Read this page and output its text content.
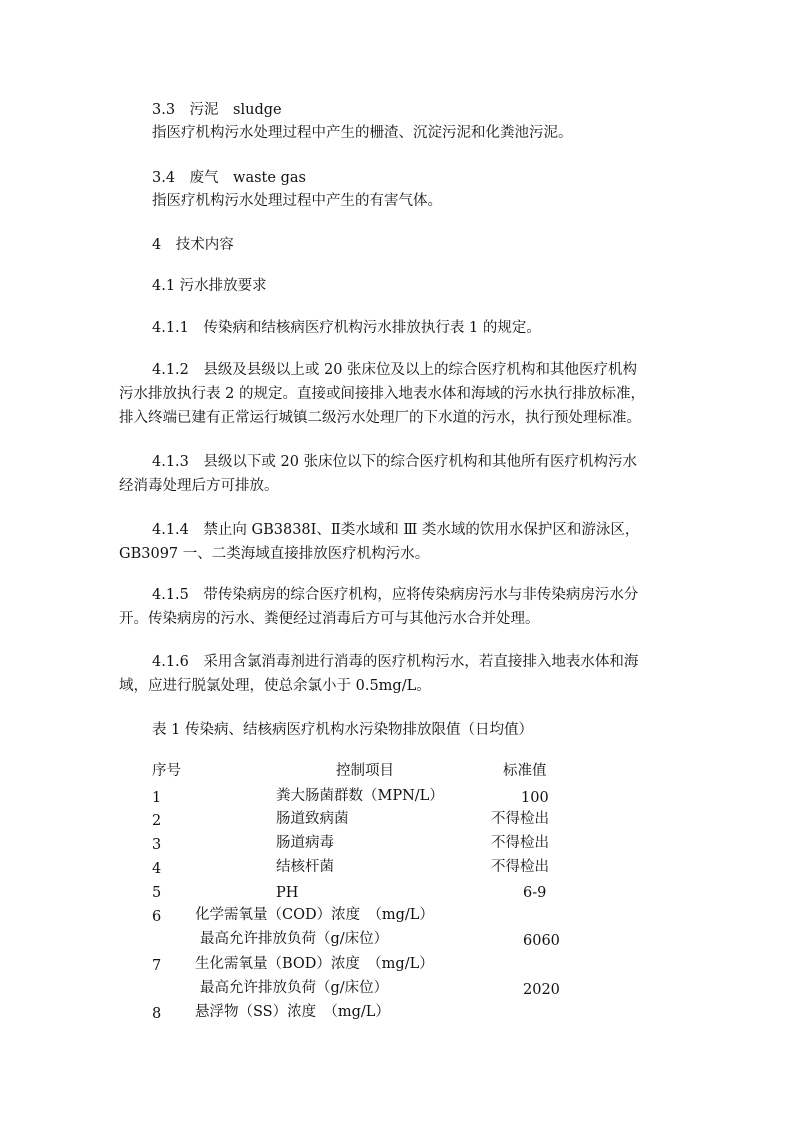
3.3　污泥　sludge
指医疗机构污水处理过程中产生的栅渣、沉淀污泥和化粪池污泥。
3.4　废气　waste gas
指医疗机构污水处理过程中产生的有害气体。
4　技术内容
4.1 污水排放要求
4.1.1　传染病和结核病医疗机构污水排放执行表 1 的规定。
4.1.2　县级及县级以上或 20 张床位及以上的综合医疗机构和其他医疗机构
污水排放执行表 2 的规定。直接或间接排入地表水体和海域的污水执行排放标准，
排入终端已建有正常运行城镇二级污水处理厂的下水道的污水，执行预处理标准。
4.1.3　县级以下或 20 张床位以下的综合医疗机构和其他所有医疗机构污水
经消毒处理后方可排放。
4.1.4　禁止向 GB3838Ⅰ、Ⅱ类水域和 Ⅲ 类水域的饮用水保护区和游泳区，
GB3097 一、二类海域直接排放医疗机构污水。
4.1.5　带传染病房的综合医疗机构，应将传染病房污水与非传染病房污水分
开。传染病房的污水、粪便经过消毒后方可与其他污水合并处理。
4.1.6　采用含氯消毒剂进行消毒的医疗机构污水，若直接排入地表水体和海
域，应进行脱氯处理，使总余氯小于 0.5mg/L。
表 1 传染病、结核病医疗机构水污染物排放限值（日均值）
序号	控制项目	标准值
1	粪大肠菌群数（MPN/L）	100
2	肠道致病菌	不得检出
3	肠道病毒	不得检出
4	结核杆菌	不得检出
5	PH	6-9
6 化学需氧量（COD）浓度　（mg/L）
最高允许排放负荷（g/床位）	6060
7 生化需氧量（BOD）浓度　（mg/L）
最高允许排放负荷（g/床位）	2020
8 悬浮物（SS）浓度　（mg/L）
